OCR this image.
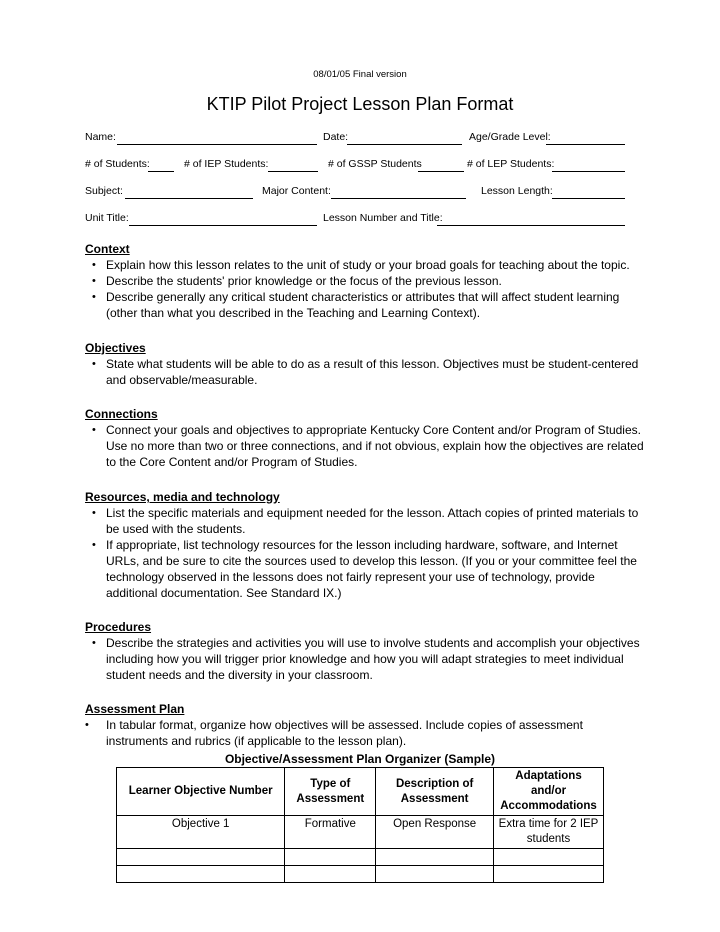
08/01/05 Final version
KTIP Pilot Project Lesson Plan Format
Name:	Date:	Age/Grade Level:
# of Students:	# of IEP Students:	# of GSSP Students	# of LEP Students:
Subject:	Major Content:	Lesson Length:
Unit Title:	Lesson Number and Title:
Context
• Explain how this lesson relates to the unit of study or your broad goals for teaching about the topic.
• Describe the students' prior knowledge or the focus of the previous lesson.
• Describe generally any critical student characteristics or attributes that will affect student learning (other than what you described in the Teaching and Learning Context).
Objectives
• State what students will be able to do as a result of this lesson. Objectives must be student-centered and observable/measurable.
Connections
• Connect your goals and objectives to appropriate Kentucky Core Content and/or Program of Studies. Use no more than two or three connections, and if not obvious, explain how the objectives are related to the Core Content and/or Program of Studies.
Resources, media and technology
• List the specific materials and equipment needed for the lesson. Attach copies of printed materials to be used with the students.
• If appropriate, list technology resources for the lesson including hardware, software, and Internet URLs, and be sure to cite the sources used to develop this lesson. (If you or your committee feel the technology observed in the lessons does not fairly represent your use of technology, provide additional documentation. See Standard IX.)
Procedures
• Describe the strategies and activities you will use to involve students and accomplish your objectives including how you will trigger prior knowledge and how you will adapt strategies to meet individual student needs and the diversity in your classroom.
Assessment Plan
• In tabular format, organize how objectives will be assessed. Include copies of assessment instruments and rubrics (if applicable to the lesson plan).
Objective/Assessment Plan Organizer (Sample)
Learner Objective Number	Type of Assessment	Description of Assessment	Adaptations and/or Accommodations
Objective 1	Formative	Open Response	Extra time for 2 IEP students
